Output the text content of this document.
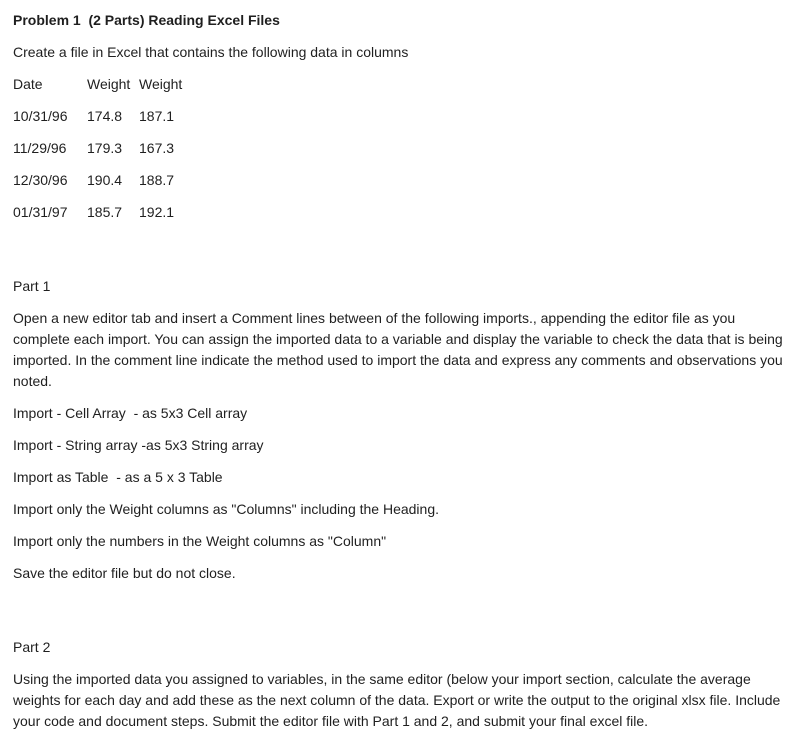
Problem 1  (2 Parts) Reading Excel Files
Create a file in Excel that contains the following data in columns
Date	Weight	Weight
10/31/96	174.8	187.1
11/29/96	179.3	167.3
12/30/96	190.4	188.7
01/31/97	185.7	192.1
Part 1
Open a new editor tab and insert a Comment lines between of the following imports., appending the editor file as you complete each import. You can assign the imported data to a variable and display the variable to check the data that is being imported. In the comment line indicate the method used to import the data and express any comments and observations you noted.
Import - Cell Array  - as 5x3 Cell array
Import - String array -as 5x3 String array
Import as Table  - as a 5 x 3 Table
Import only the Weight columns as "Columns" including the Heading.
Import only the numbers in the Weight columns as "Column"
Save the editor file but do not close.
Part 2
Using the imported data you assigned to variables, in the same editor (below your import section, calculate the average weights for each day and add these as the next column of the data. Export or write the output to the original xlsx file. Include your code and document steps. Submit the editor file with Part 1 and 2, and submit your final excel file.
